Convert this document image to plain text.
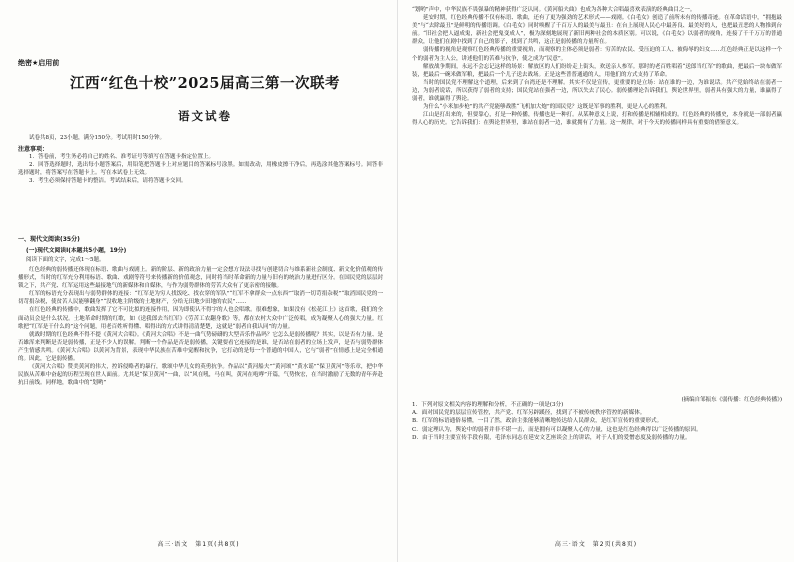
绝密★启用前
江西“红色十校”2025届高三第一次联考
语文试卷

试卷共8页，23小题，满分150分。考试用时150分钟。

注意事项：

1．答卷前，考生务必将自己的姓名、准考证号等填写在答题卡指定位置上。

2．回答选择题时，选出每小题答案后，用铅笔把答题卡上对应题目的答案标号涂黑。如需改动，用橡皮擦干净后，再选涂其他答案标号。回答非选择题时，将答案写在答题卡上。写在本试卷上无效。

3．考生必须保持答题卡的整洁。考试结束后，请将答题卡交回。

一、现代文阅读(35分)
(一)现代文阅读Ⅰ(本题共5小题，19分)

阅读下面的文字，完成1～5题。

红色经典的弱传播还体现在标语、歌曲与戏剧上。新的阶层、新的政治力量一定会想方设法寻找与创建切合与维系新社会制度、新文化价值观的传播形式，当时的红军充分利用标语、歌曲、戏剧等符号来传播新的价值观念，同时将当时革命新的力量与旧有的统治力量进行区分。在国民党的层层封锁之下，共产党、红军运用这些最接地气的新媒体和自媒体，与作为弱势群体的劳苦大众有了更亲密的接触。

红军的标语充分表现出与弱势群体的连接：“红军是为穷人找饭吃、找衣穿的军队”“红军不拿群众一点东西”“取消一切苛捐杂税”“取消国民党的一切苛捐杂税，使贫苦人民能够翻身”“没收地主阶级的土地财产，分给无田地少田地的农民”……

在红色经典的传播中，歌曲发挥了它不可比拟的连接作用，因为即使认不得字的人也会唱歌。很难想象，如果没有《松花江上》这首歌，我们的全面动员会是什么状况。土地革命时期的红歌，如《送我郎去当红军》《劳苦工农翻身歌》等，都在农村大众中广泛传唱，成为凝聚人心的强大力量。红歌把“红军是干什么的”这个问题，用老百姓听得懂、唱得出的方式讲得清清楚楚，这就是“弱者自我认同”的力量。

就战时期的红色经典不得不提《黄河大合唱》。《黄河大合唱》不是一曲气势磅礴的大型音乐作品吗？它怎么是弱传播呢？其实，以是否有力量、是否雄浑来判断是否是弱传播，正是不少人的误解。判断一个作品是否是弱传播，关键要看它连接的是谁，是否站在弱者的立场上发声，是否与弱势群体产生情感共鸣。《黄河大合唱》以黄河为背景，表现中华民族在苦难中觉醒和抗争，它打动的是每一个普通的中国人，它与“弱者”在情感上是完全相通的。因此，它是弱传播。

《黄河大合唱》赞美黄河的伟大，控诉侵略者的暴行，歌颂中华儿女的英勇抗争。作品以“黄河船夫”“黄河颂”“黄水谣”“保卫黄河”等乐章，把中华民族从苦难中奋起的历程呈现在世人面前。尤其是“保卫黄河”一曲，以“风在吼，马在叫，黄河在咆哮”开篇，气势恢宏，在当时激励了无数的青年奔赴抗日前线。同样地，歌曲中的“划哟”

高三·语文　第1页(共8页)

“划哟”声中，中华民族不畏强暴的精神获得广泛认同。《黄河船夫曲》也成为各种大合唱最喜欢表演的经典曲目之一。

延安时期，红色经典传播不仅有标语、歌曲，还有了更为强劲的艺术形式——戏剧。《白毛女》创造了前所未有的传播奇迹。在革命话语中，“拥抱最美”与“去除最丑”是鲜明的传播语调。《白毛女》同时唤醒了千百万人的最美与最丑：在台上展现人民心中最善良、最美好的人，也把最丑恶的人物推到台前。“旧社会把人逼成鬼，新社会把鬼变成人”，极为深刻地展现了新旧两种社会的本质区别。可以说，《白毛女》以弱者的视角，连接了千千万万的普通群众，让他们在剧中找到了自己的影子，找到了共鸣，这正是弱传播的力量所在。

弱传播的视角是观察红色经典传播的重要视角，而观察的主体必须是弱者：穷苦的农民、受压迫的工人、被侮辱的妇女……红色经典正是以这样一个个的弱者为主人公，讲述他们的苦难与抗争，使之成为“民意”。

解放战争期间，永远不会忘记这样的场景：解放区的人们纷纷走上街头，欢送亲人参军。那时的老百姓唱着“送郎当红军”的歌曲，把最后一块布做军装，把最后一碗米做军粮，把最后一个儿子送去战场。正是这些普普通通的人，用他们的方式支持了革命。

当时的国民党不理解这个道理，后来到了台湾还是不理解。其实不仅是宣传，更重要的是立场：站在谁的一边，为谁说话。共产党始终站在弱者一边，为弱者说话，所以获得了弱者的支持；国民党站在强者一边，所以失去了民心。弱传播理论告诉我们，舆论世界里，弱者具有强大的力量，谁赢得了弱者，谁就赢得了舆论。

为什么“小米加步枪”的共产党能够战胜“飞机加大炮”的国民党？这既是军事的胜利，更是人心的胜利。

江山是打出来的，但要靠心，打是一种传播，传播也是一种打。从某种意义上说，打和传播是相辅相成的。红色经典的传播史，本身就是一部弱者赢得人心的历史。它告诉我们：在舆论世界里，谁站在弱者一边，谁就拥有了力量。这一规律，对于今天的传播同样具有重要的借鉴意义。

(摘编自邹振东《弱传播：红色经典传播》)

1．下列对原文相关内容的理解和分析，不正确的一项是(3分)

A．面对国民党的层层宣传管控，共产党、红军另辟蹊径，找到了不被传统秩序管控的新媒体。

B．红军的标语通俗易懂，一目了然，政治主张能够清晰地传达给人民群众，是红军宣传的重要形式。

C．弱定理认为，舆论中的弱者并非不堪一击，而是拥有可以凝聚人心的力量，这也是红色经典得以广泛传播的原因。

D．由于当时主要宣传手段有限，毛泽东同志在延安文艺座谈会上的讲话，对于人们的爱憎态度及弱传播的力量。

高三·语文　第2页(共8页)
